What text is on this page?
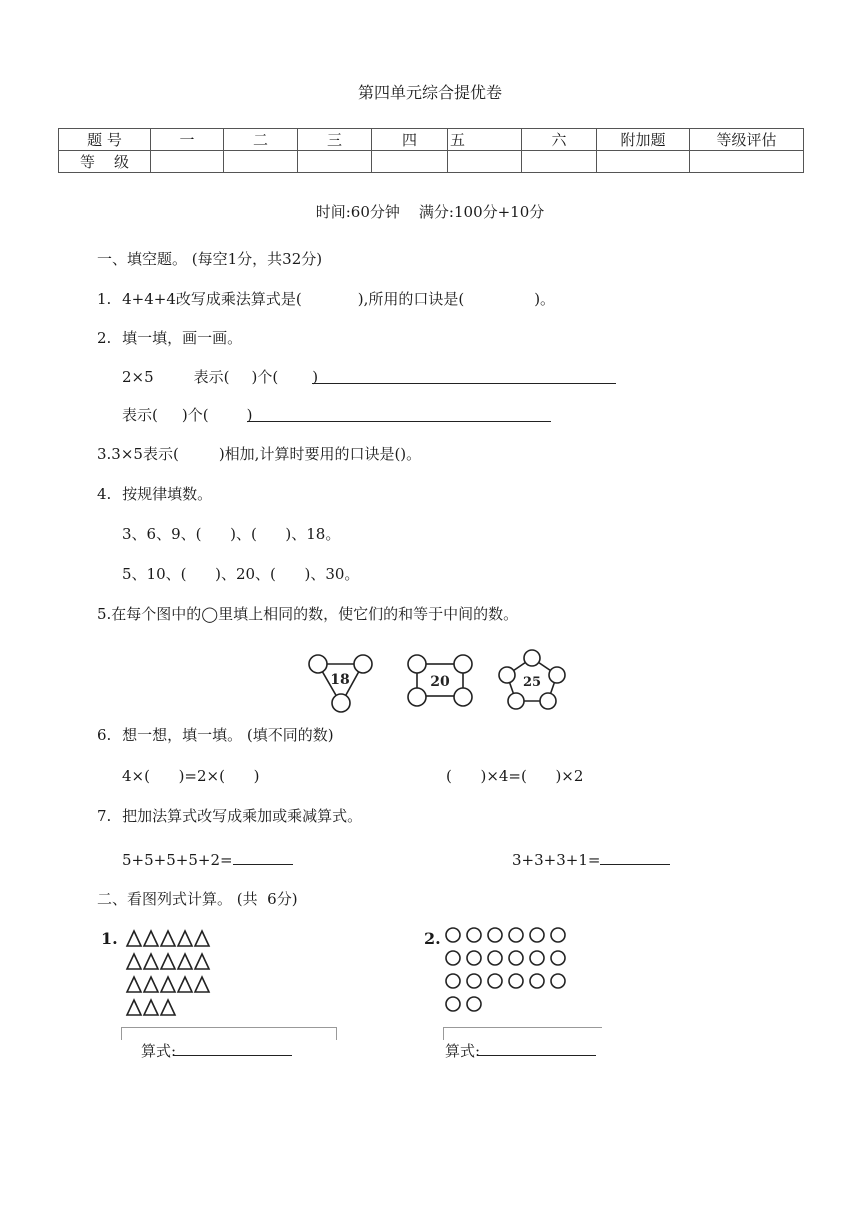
第四单元综合提优卷
题 号	一	二	三	四	五	六	附加题	等级评估
等    级								
时间:60分钟    满分:100分+10分
一、填空题。 (每空1分，共32分)
1. 4+4+4改写成乘法算式是(	),所用的口诀是(	)。
2. 填一填，画一画。
2×5	表示( )个( )
表示( )个(	)
3.3×5表示(	)相加,计算时要用的口诀是()。
4. 按规律填数。
3、6、9、(      )、(      )、18。
5、10、(      )、20、(      )、30。
5.在每个图中的◯里填上相同的数，使它们的和等于中间的数。
18	20	25
6. 想一想，填一填。 (填不同的数)
4×(      )=2×(      )	(      )×4=(      )×2
7. 把加法算式改写成乘加或乘减算式。
5+5+5+5+2=	3+3+3+1=
二、看图列式计算。 (共  6分)
1.	2.
算式:	算式:
